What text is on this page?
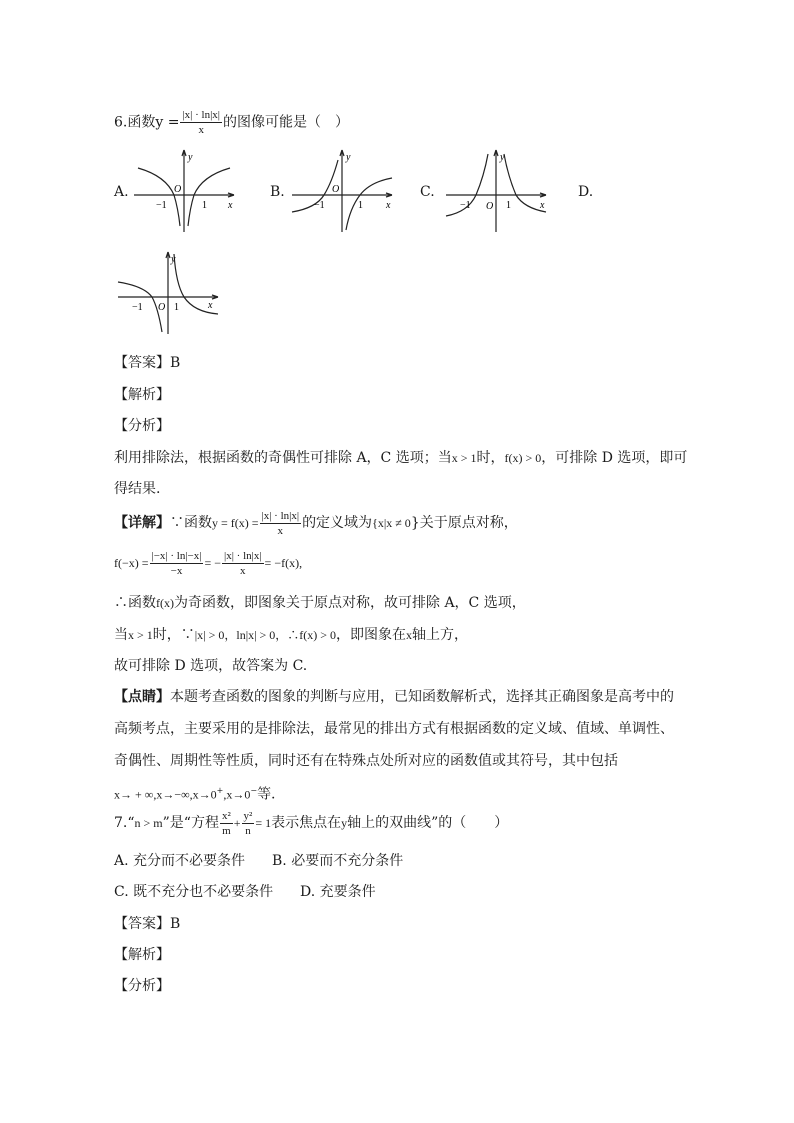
6.函数$y = \frac{|x| \cdot \ln|x|}{x}$ 的图像可能是（　）
A.	B.	C.	D.
y
x
O
−1	1
y
x
O
−1	1
y
x
O
−1	1
y
x
O
−1	1
【答案】B
【解析】
【分析】
利用排除法，根据函数的奇偶性可排除 A，C 选项；当x > 1时，f(x) > 0，可排除 D 选项，即可
得结果.
【详解】 ∵函数 $y = f(x) = \frac{|x| \cdot \ln|x|}{x}$ 的定义域为 {x|x ≠ 0 }关于原点对称，
$f(-x) = \frac{|-x| \cdot \ln|-x|}{-x}$ = − $\frac{|x| \cdot \ln|x|}{x} = -f(x)$,
∴函数f(x)为奇函数，即图象关于原点对称，故可排除 A，C 选项，
当x > 1时，∵|x| > 0，ln|x| > 0，∴f(x) > 0，即图象在x轴上方，
故可排除 D 选项，故答案为 C.
【点睛】本题考查函数的图象的判断与应用，已知函数解析式，选择其正确图象是高考中的
高频考点，主要采用的是排除法，最常见的排出方式有根据函数的定义域、值域、单调性、
奇偶性、周期性等性质，同时还有在特殊点处所对应的函数值或其符号，其中包括
x→ + ∞,x→−∞,x→0+,x→0−等.
7.“ n > m ”是“方程 $\frac{\text{x²}}{m} + \frac{\text{y²}}{n} = 1$ 表示焦点在 y 轴上的双曲线”的（　　）
A. 充分而不必要条件 B. 必要而不充分条件
C. 既不充分也不必要条件 D. 充要条件
【答案】B
【解析】
【分析】
